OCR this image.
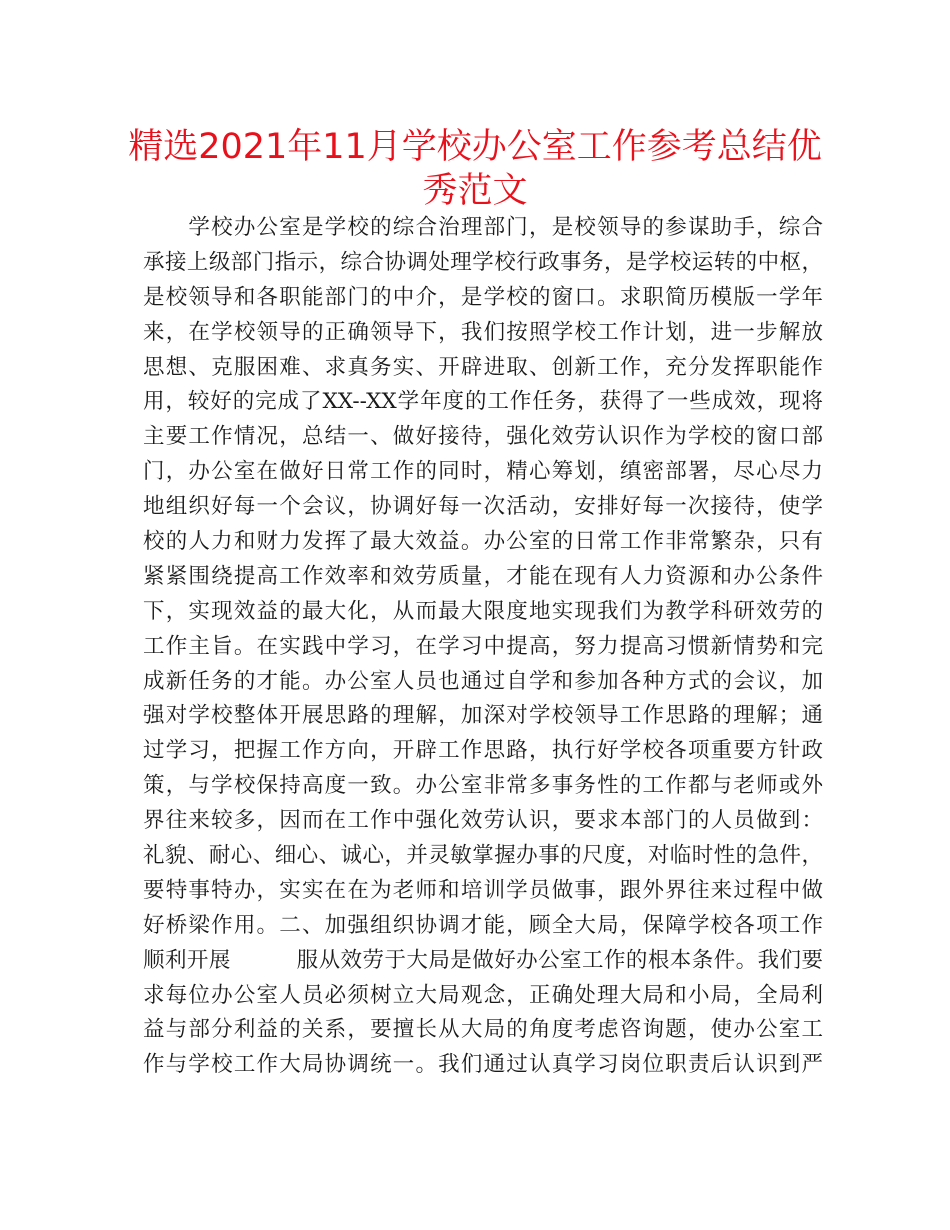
精选2021年11月学校办公室工作参考总结优
秀范文
　　学校办公室是学校的综合治理部门，是校领导的参谋助手，综合
承接上级部门指示，综合协调处理学校行政事务，是学校运转的中枢，
是校领导和各职能部门的中介，是学校的窗口。求职简历模版一学年
来，在学校领导的正确领导下，我们按照学校工作计划，进一步解放
思想、克服困难、求真务实、开辟进取、创新工作，充分发挥职能作
用，较好的完成了XX--XX学年度的工作任务，获得了一些成效，现将
主要工作情况，总结一、做好接待，强化效劳认识作为学校的窗口部
门，办公室在做好日常工作的同时，精心筹划，缜密部署，尽心尽力
地组织好每一个会议，协调好每一次活动，安排好每一次接待，使学
校的人力和财力发挥了最大效益。办公室的日常工作非常繁杂，只有
紧紧围绕提高工作效率和效劳质量，才能在现有人力资源和办公条件
下，实现效益的最大化，从而最大限度地实现我们为教学科研效劳的
工作主旨。在实践中学习，在学习中提高，努力提高习惯新情势和完
成新任务的才能。办公室人员也通过自学和参加各种方式的会议，加
强对学校整体开展思路的理解，加深对学校领导工作思路的理解；通
过学习，把握工作方向，开辟工作思路，执行好学校各项重要方针政
策，与学校保持高度一致。办公室非常多事务性的工作都与老师或外
界往来较多，因而在工作中强化效劳认识，要求本部门的人员做到：
礼貌、耐心、细心、诚心，并灵敏掌握办事的尺度，对临时性的急件，
要特事特办，实实在在为老师和培训学员做事，跟外界往来过程中做
好桥梁作用。二、加强组织协调才能，顾全大局，保障学校各项工作
顺利开展　　　服从效劳于大局是做好办公室工作的根本条件。我们要
求每位办公室人员必须树立大局观念，正确处理大局和小局，全局利
益与部分利益的关系，要擅长从大局的角度考虑咨询题，使办公室工
作与学校工作大局协调统一。我们通过认真学习岗位职责后认识到严
